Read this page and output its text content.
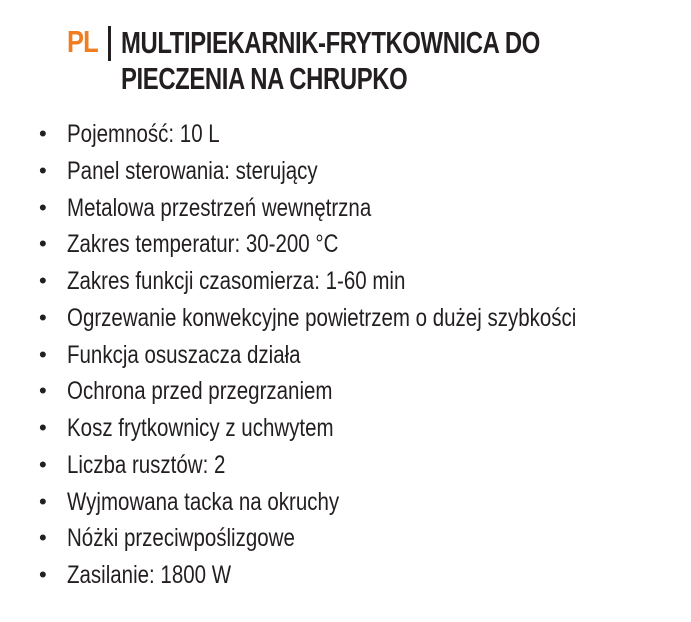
PL MULTIPIEKARNIK-FRYTKOWNICA DO
PIECZENIA NA CHRUPKO
• Pojemność: 10 L
• Panel sterowania: sterujący
• Metalowa przestrzeń wewnętrzna
• Zakres temperatur: 30-200 °C
• Zakres funkcji czasomierza: 1-60 min
• Ogrzewanie konwekcyjne powietrzem o dużej szybkości
• Funkcja osuszacza działa
• Ochrona przed przegrzaniem
• Kosz frytkownicy z uchwytem
• Liczba rusztów: 2
• Wyjmowana tacka na okruchy
• Nóżki przeciwpoślizgowe
• Zasilanie: 1800 W
